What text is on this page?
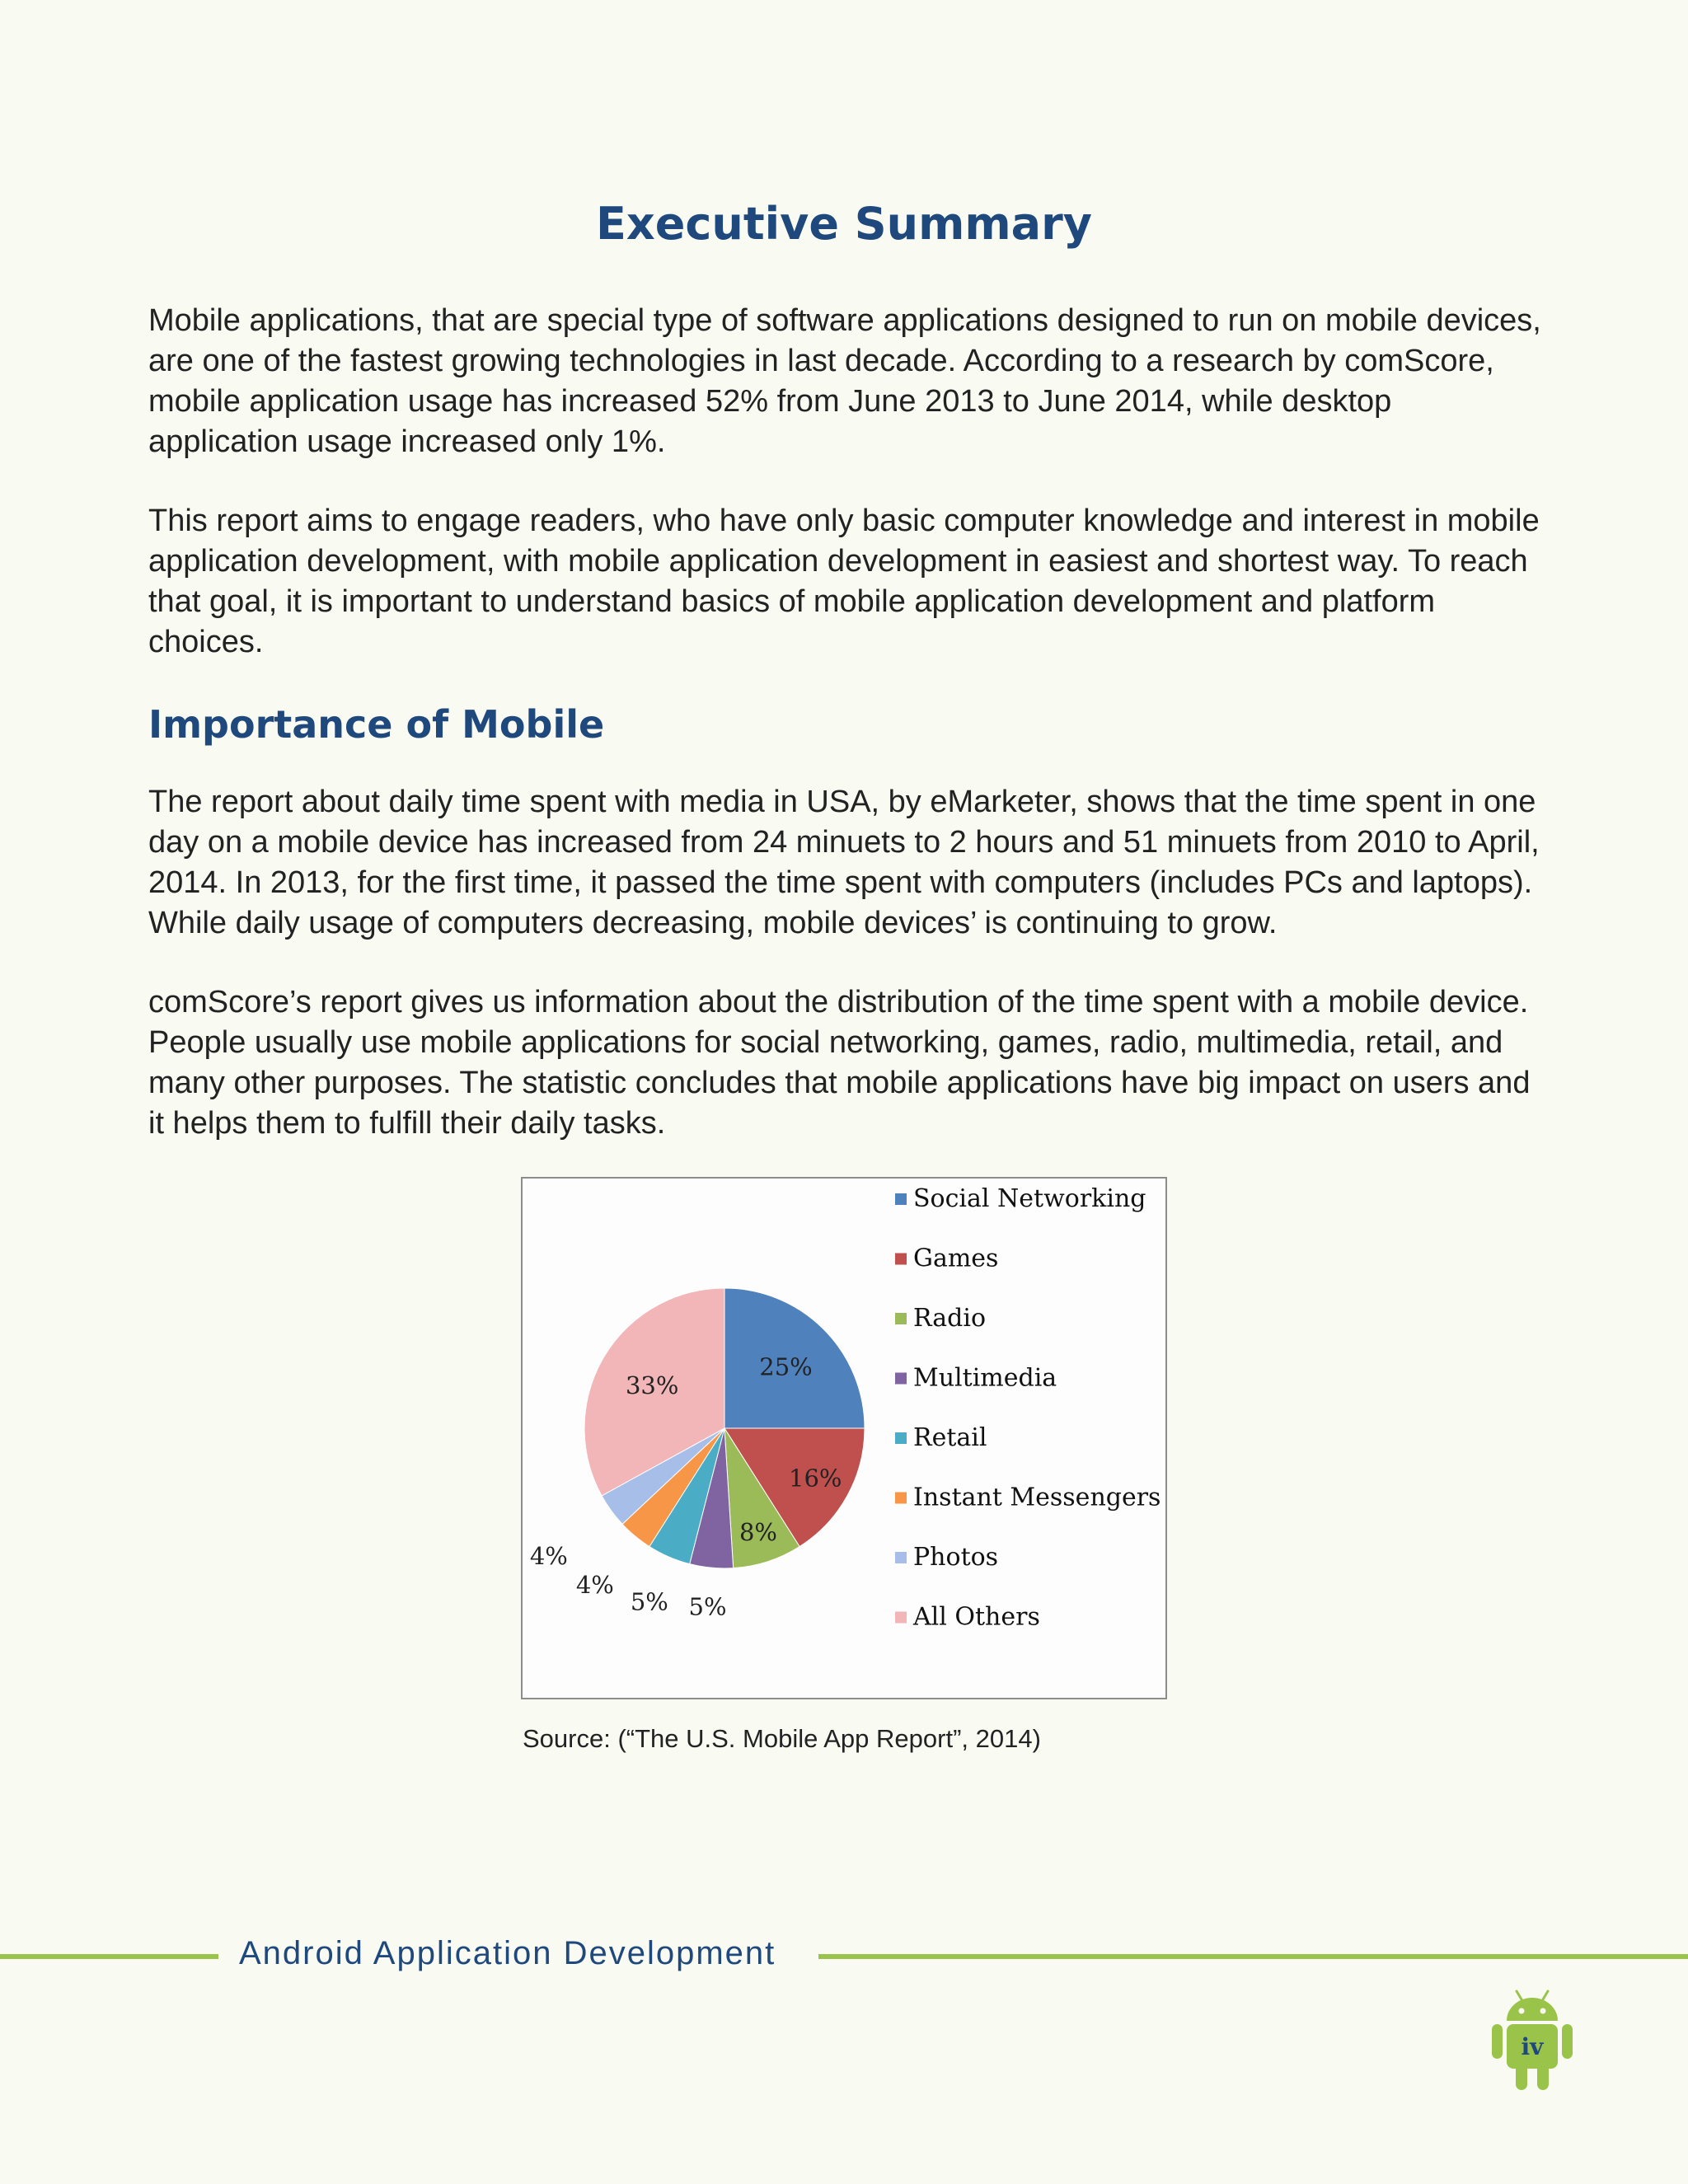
Executive Summary

Mobile applications, that are special type of software applications designed to run on mobile devices, are one of the fastest growing technologies in last decade. According to a research by comScore, mobile application usage has increased 52% from June 2013 to June 2014, while desktop application usage increased only 1%.

This report aims to engage readers, who have only basic computer knowledge and interest in mobile application development, with mobile application development in easiest and shortest way. To reach that goal, it is important to understand basics of mobile application development and platform choices.

Importance of Mobile

The report about daily time spent with media in USA, by eMarketer, shows that the time spent in one day on a mobile device has increased from 24 minuets to 2 hours and 51 minuets from 2010 to April, 2014. In 2013, for the first time, it passed the time spent with computers (includes PCs and laptops). While daily usage of computers decreasing, mobile devices’ is continuing to grow.

comScore’s report gives us information about the distribution of the time spent with a mobile device. People usually use mobile applications for social networking, games, radio, multimedia, retail, and many other purposes. The statistic concludes that mobile applications have big impact on users and it helps them to fulfill their daily tasks.

25%
16%
8%
5%
5%
4%
4%
33%
Social Networking
Games
Radio
Multimedia
Retail
Instant Messengers
Photos
All Others
Source: (“The U.S. Mobile App Report”, 2014)
Android Application Development
iv
